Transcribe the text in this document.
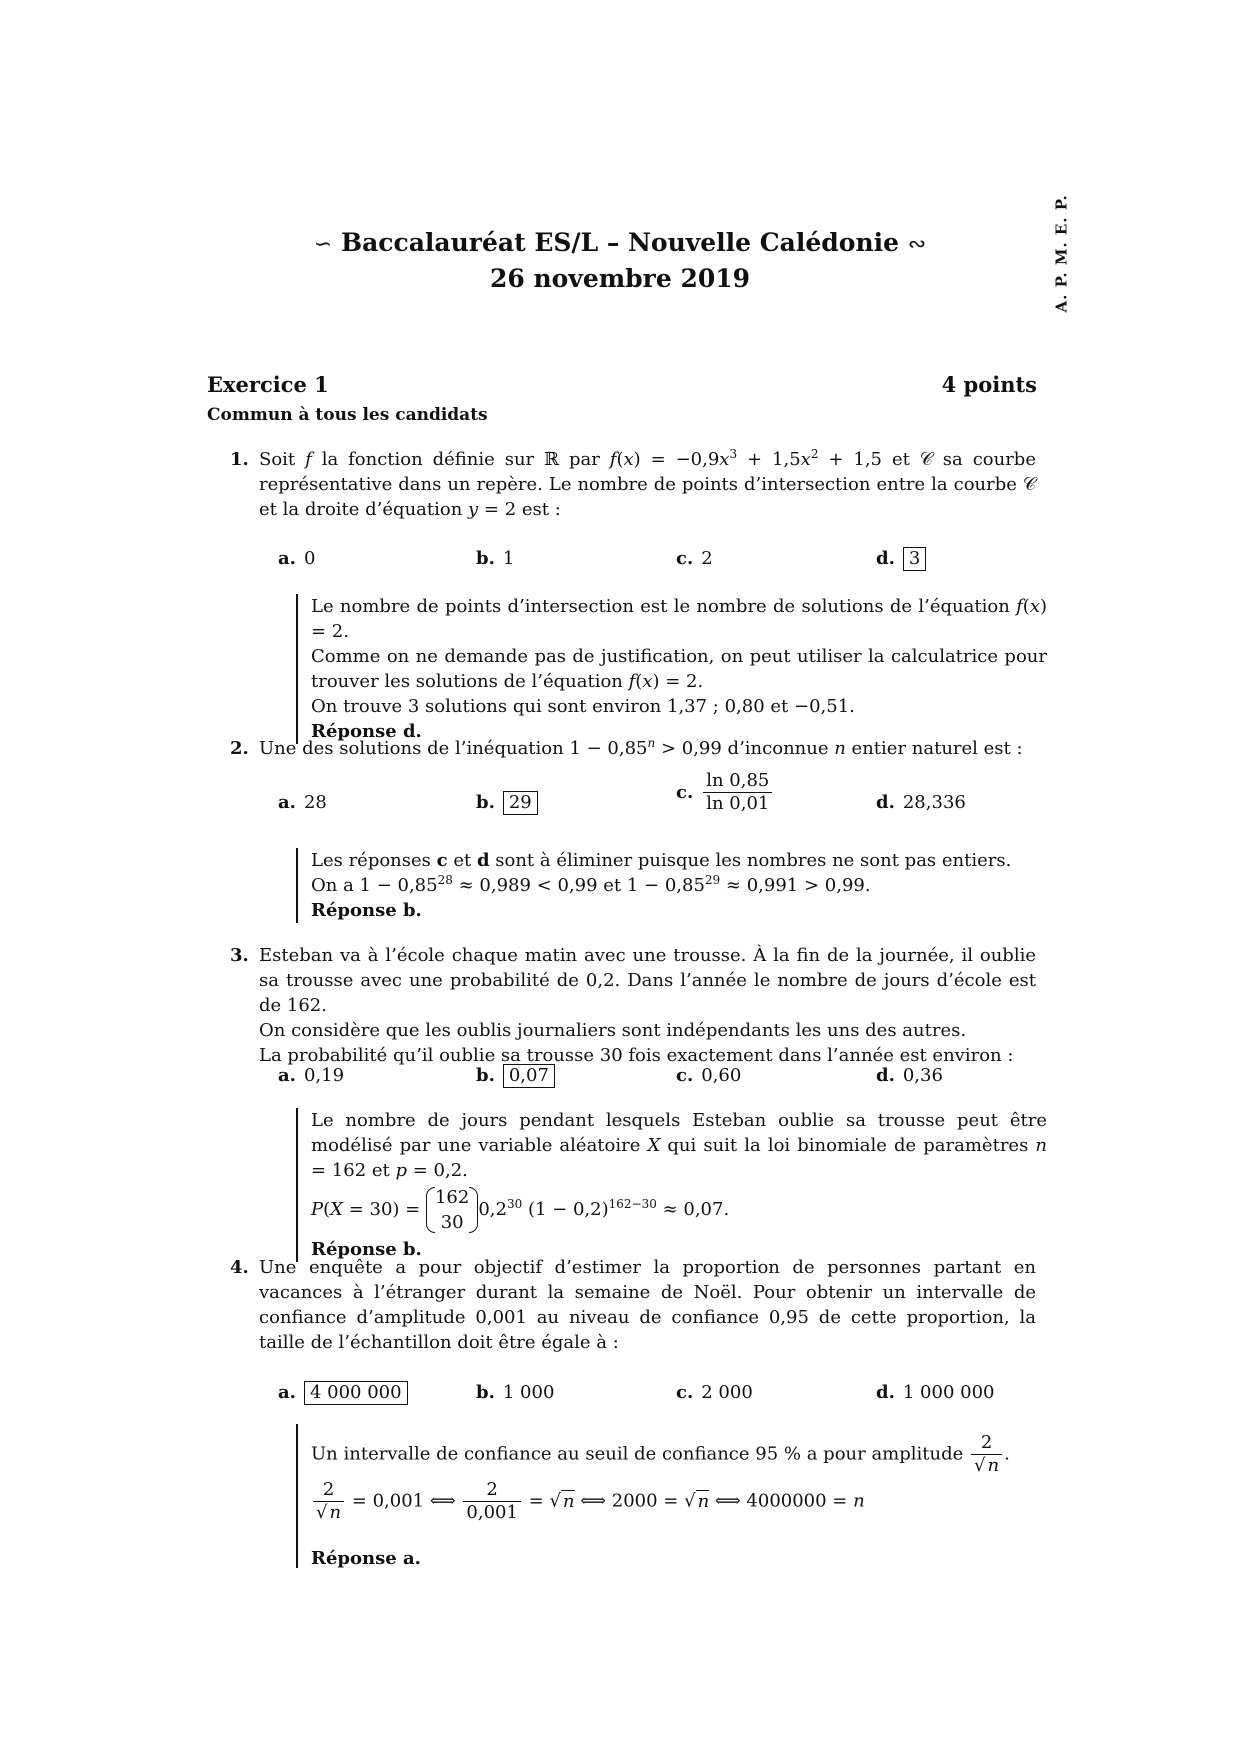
A. P. M. E. P.
∽ Baccalauréat ES/L – Nouvelle Calédonie ∾
26 novembre 2019
Exercice 1	4 points
Commun à tous les candidats
1. Soit f la fonction définie sur ℝ par $f(x) = -0,9x^3 + 1,5x^2 + 1,5$ et 𝒞 sa courbe représentative dans un repère. Le nombre de points d’intersection entre la courbe 𝒞 et la droite d’équation y = 2 est :
a. 0	b. 1	c. 2	d. 3

Le nombre de points d’intersection est le nombre de solutions de l’équation f(x) = 2.

Comme on ne demande pas de justification, on peut utiliser la calculatrice pour trouver les solutions de l’équation f(x) = 2.

On trouve 3 solutions qui sont environ 1,37 ; 0,80 et −0,51.

Réponse d.

2. Une des solutions de l’inéquation $1 - 0,85^n > 0,99$ d’inconnue n entier naturel est :
a. 28	b. 29	c. $\frac{\ln 0,85}{\ln 0,01}$	d. 28,336

Les réponses c et d sont à éliminer puisque les nombres ne sont pas entiers.

On a $1 - 0,85^{28} \approx 0,989 < 0,99$ et $1 - 0,85^{29} \approx 0,991 > 0,99$.

Réponse b.

3. Esteban va à l’école chaque matin avec une trousse. À la fin de la journée, il oublie sa trousse avec une probabilité de 0,2. Dans l’année le nombre de jours d’école est de 162.
On considère que les oublis journaliers sont indépendants les uns des autres.
La probabilité qu’il oublie sa trousse 30 fois exactement dans l’année est environ :
a. 0,19	b. 0,07	c. 0,60	d. 0,36

Le nombre de jours pendant lesquels Esteban oublie sa trousse peut être modélisé par une variable aléatoire X qui suit la loi binomiale de paramètres n = 162 et p = 0,2.

P(X = 30) =
162
30
$0,2^{30}$ $(1 - 0,2)^{162-30} \approx 0,07$.

Réponse b.

4. Une enquête a pour objectif d’estimer la proportion de personnes partant en vacances à l’étranger durant la semaine de Noël. Pour obtenir un intervalle de confiance d’amplitude 0,001 au niveau de confiance 0,95 de cette proportion, la taille de l’échantillon doit être égale à :
a. 4 000 000	b. 1 000	c. 2 000	d. 1 000 000

Un intervalle de confiance au seuil de confiance 95 % a pour amplitude $\frac{2}{√ n}$ .

$\frac{2}{√ n} = 0,001$ ⟺ $\frac{2}{0,001}$ = √ n ⟺ 2000 = √ n ⟺ 4000000 = n

Réponse a.
